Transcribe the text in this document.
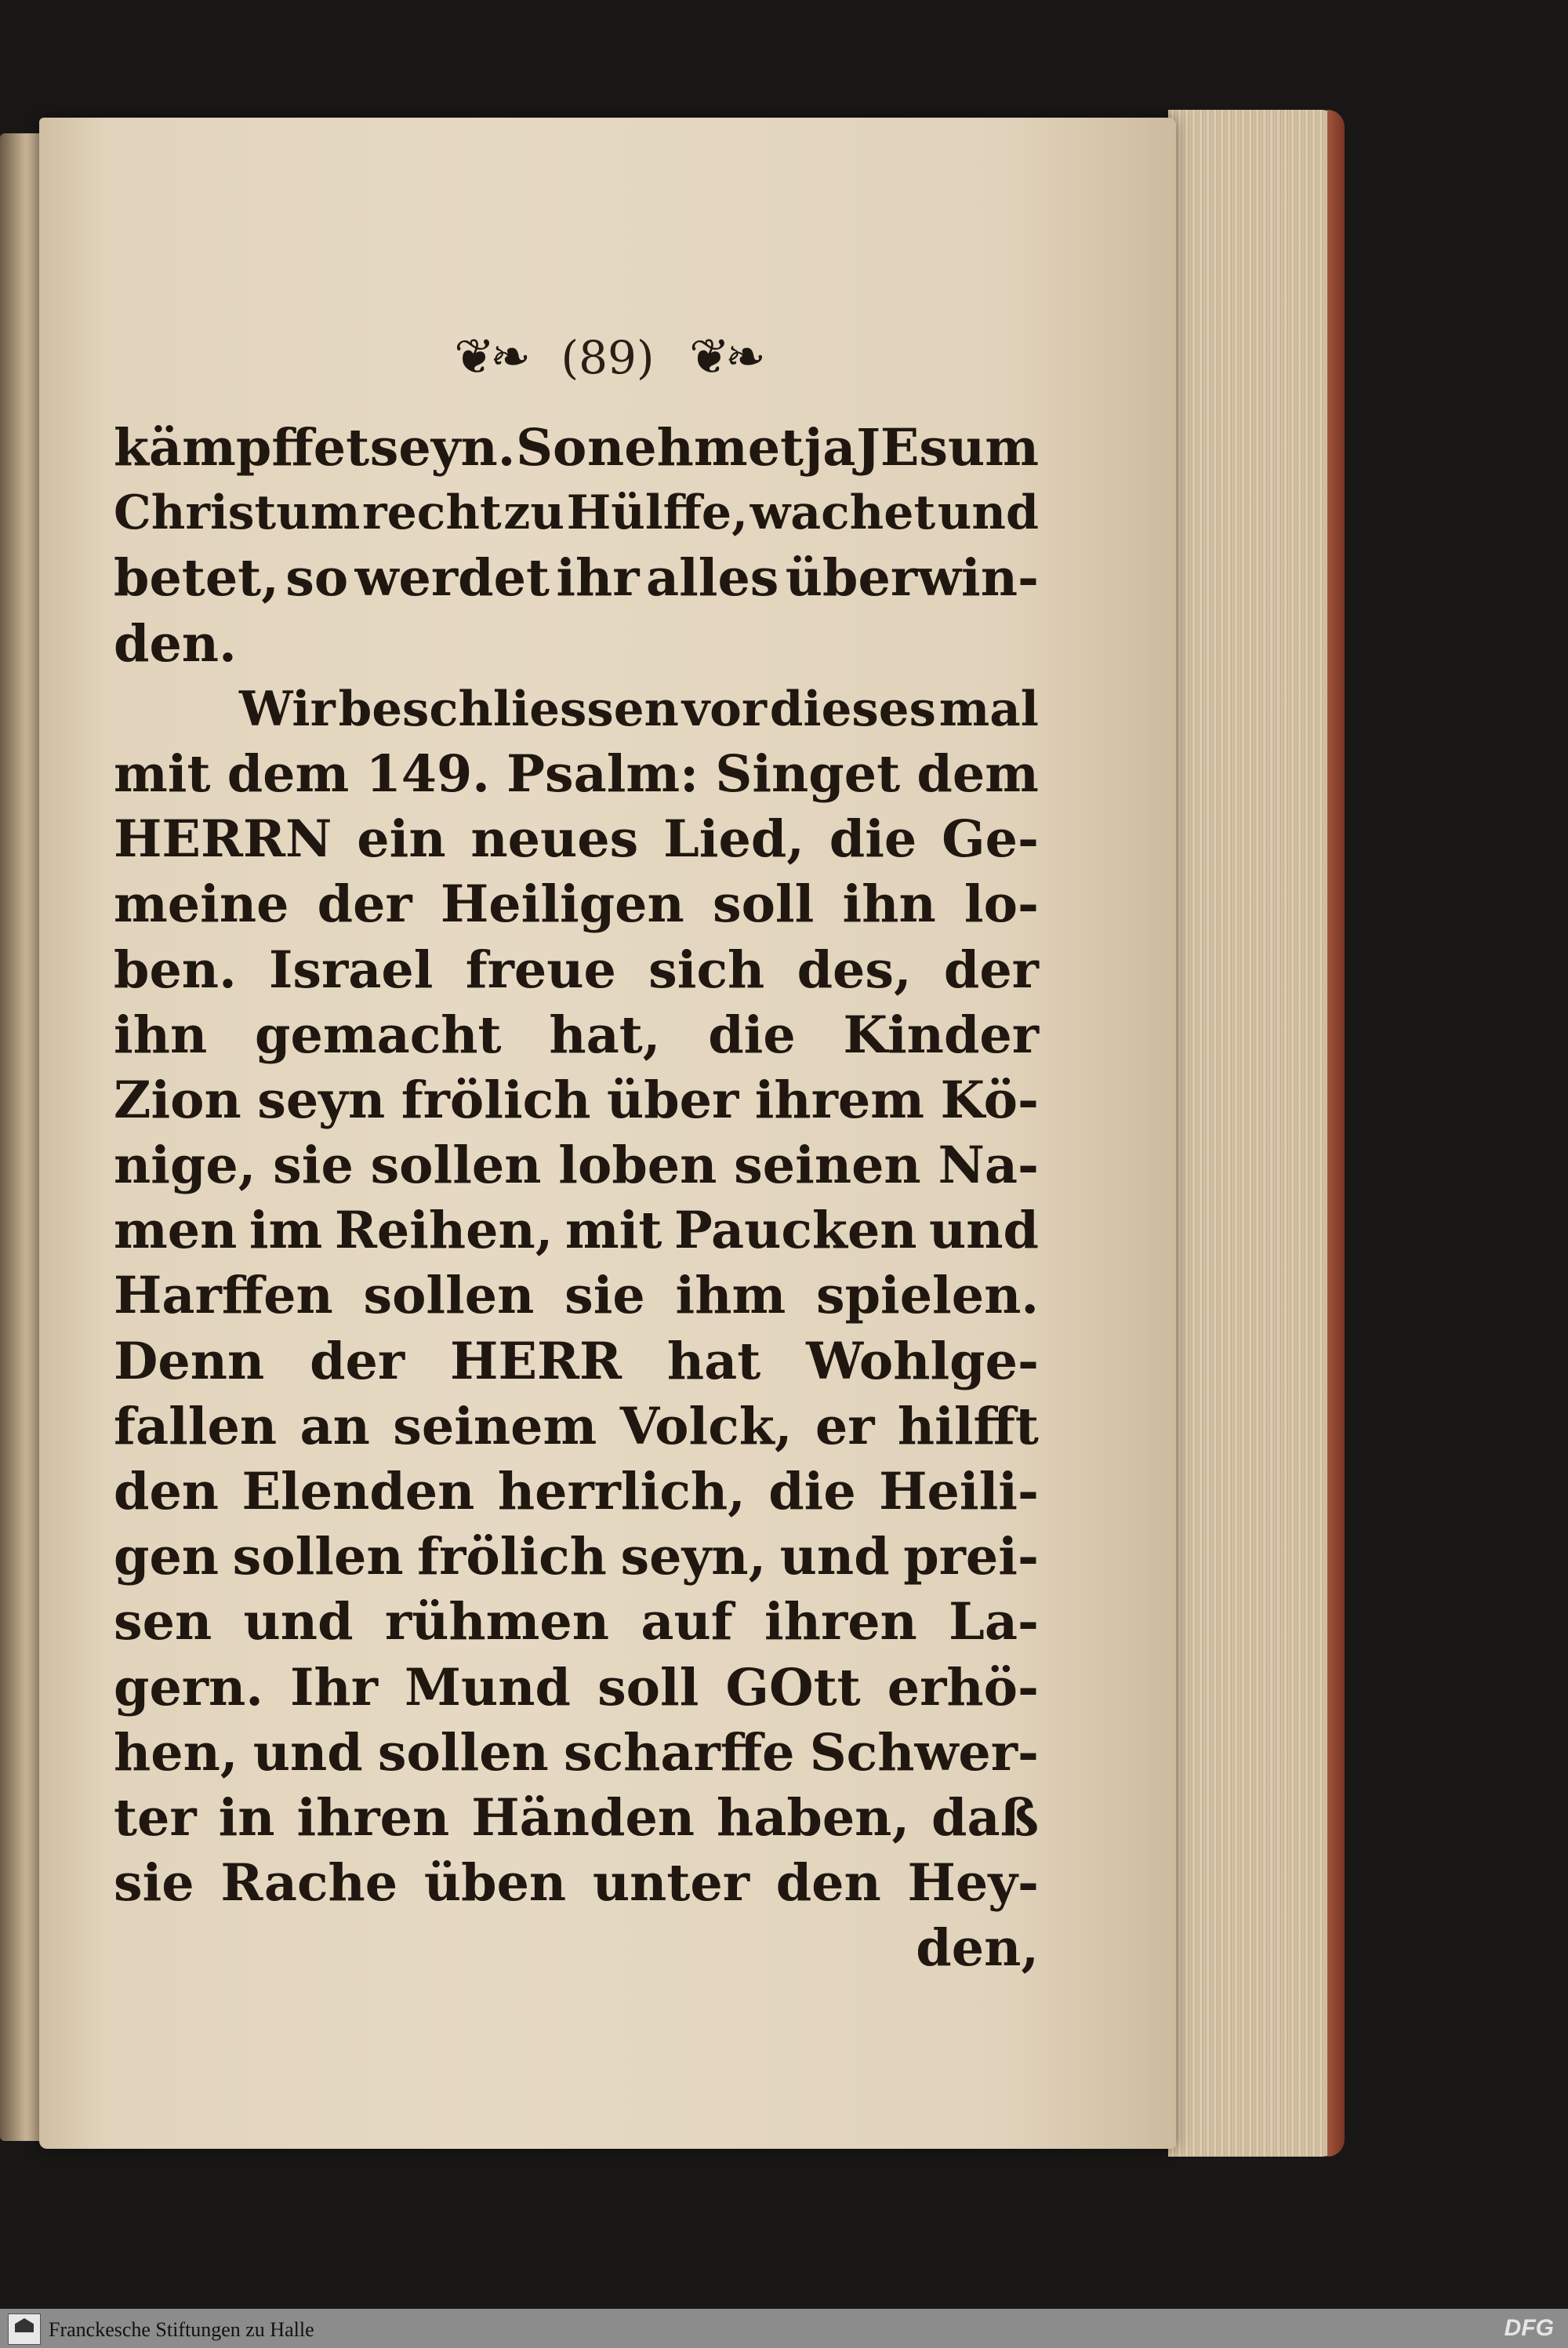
❦❧ (89) ❦❧
kämpffet seyn. So nehmet ja JEsum
Christum recht zu Hülffe, wachet und
betet, so werdet ihr alles überwin-
den.
Wir beschliessen vor dieses mal
mit dem 149. Psalm: Singet dem
HERRN ein neues Lied, die Ge-
meine der Heiligen soll ihn lo-
ben. Israel freue sich des, der
ihn gemacht hat, die Kinder
Zion seyn frölich über ihrem Kö-
nige, sie sollen loben seinen Na-
men im Reihen, mit Paucken und
Harffen sollen sie ihm spielen.
Denn der HERR hat Wohlge-
fallen an seinem Volck, er hilfft
den Elenden herrlich, die Heili-
gen sollen frölich seyn, und prei-
sen und rühmen auf ihren La-
gern. Ihr Mund soll GOtt erhö-
hen, und sollen scharffe Schwer-
ter in ihren Händen haben, daß
sie Rache üben unter den Hey-
den,
Franckesche Stiftungen zu Halle	DFG
